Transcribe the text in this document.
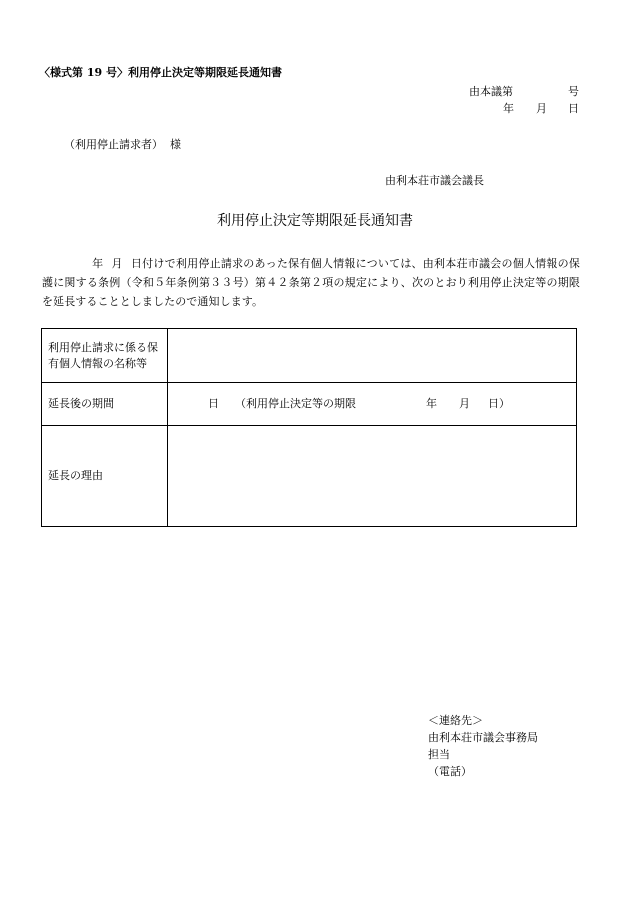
〈様式第 19 号〉利用停止決定等期限延長通知書
由本議第	号
年 月 日
（利用停止請求者） 様
由利本荘市議会議長
利用停止決定等期限延長通知書
年 月 日付けで利用停止請求のあった保有個人情報については、由利本荘市議会の個人情報の保護に関する条例（令和５年条例第３３号）第４２条第２項の規定により、次のとおり利用停止決定等の期限を延長することとしましたので通知します。
利用停止請求に係る保有個人情報の名称等	
延長後の期間	日 （利用停止決定等の期限 年 月 日）
延長の理由	
＜連絡先＞
由利本荘市議会事務局
担当
（電話）
